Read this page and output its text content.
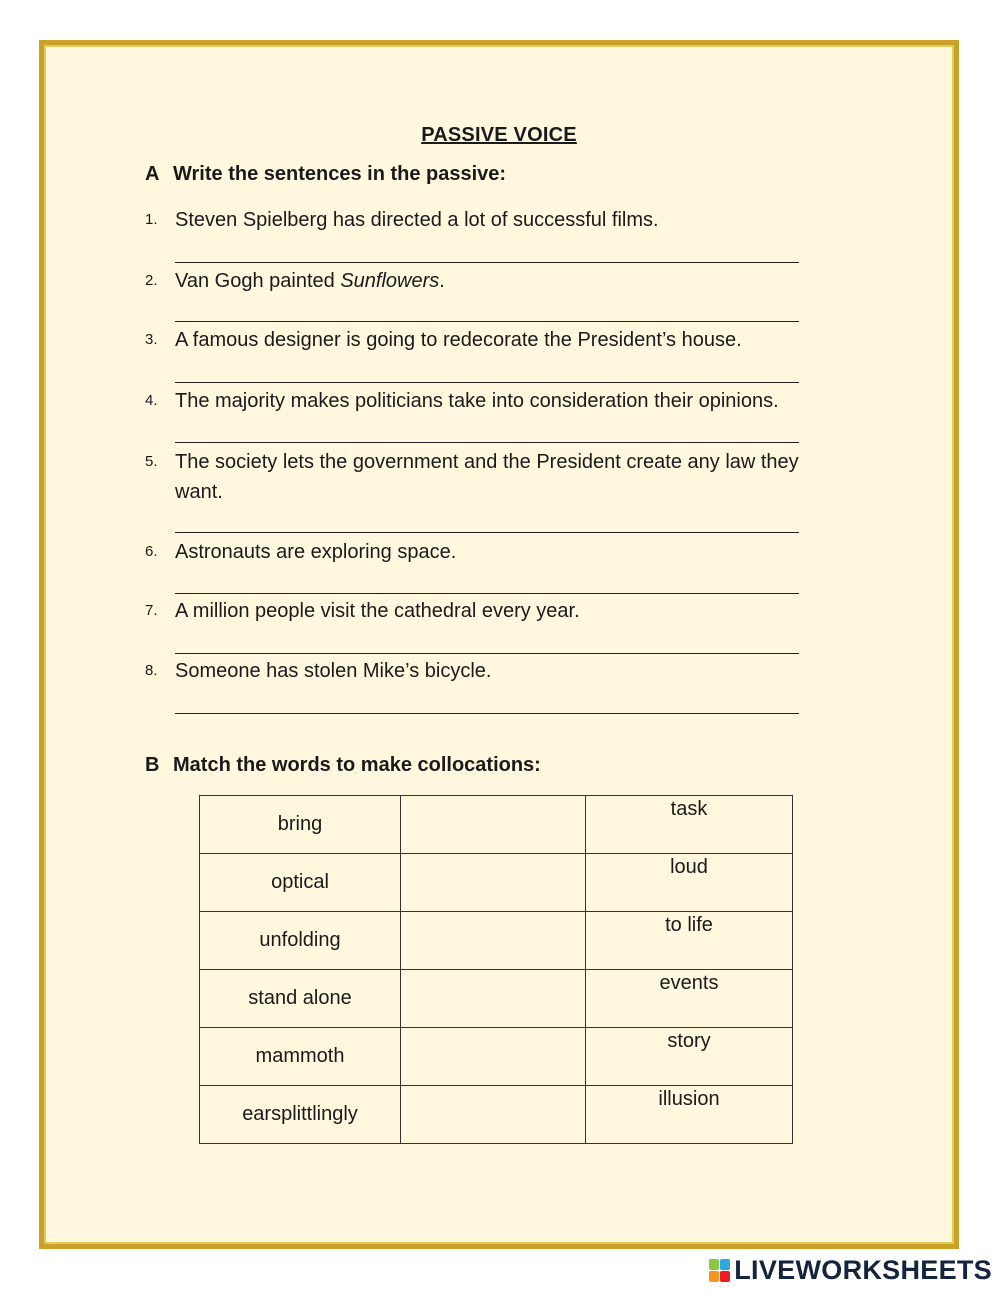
PASSIVE VOICE
A Write the sentences in the passive:
1. Steven Spielberg has directed a lot of successful films.
2. Van Gogh painted Sunflowers.
3. A famous designer is going to redecorate the President’s house.
4. The majority makes politicians take into consideration their opinions.
5. The society lets the government and the President create any law they want.
6. Astronauts are exploring space.
7. A million people visit the cathedral every year.
8. Someone has stolen Mike’s bicycle.
B Match the words to make collocations:
bring		task
optical		loud
unfolding		to life
stand alone		events
mammoth		story
earsplittlingly		illusion
LIVEWORKSHEETS
